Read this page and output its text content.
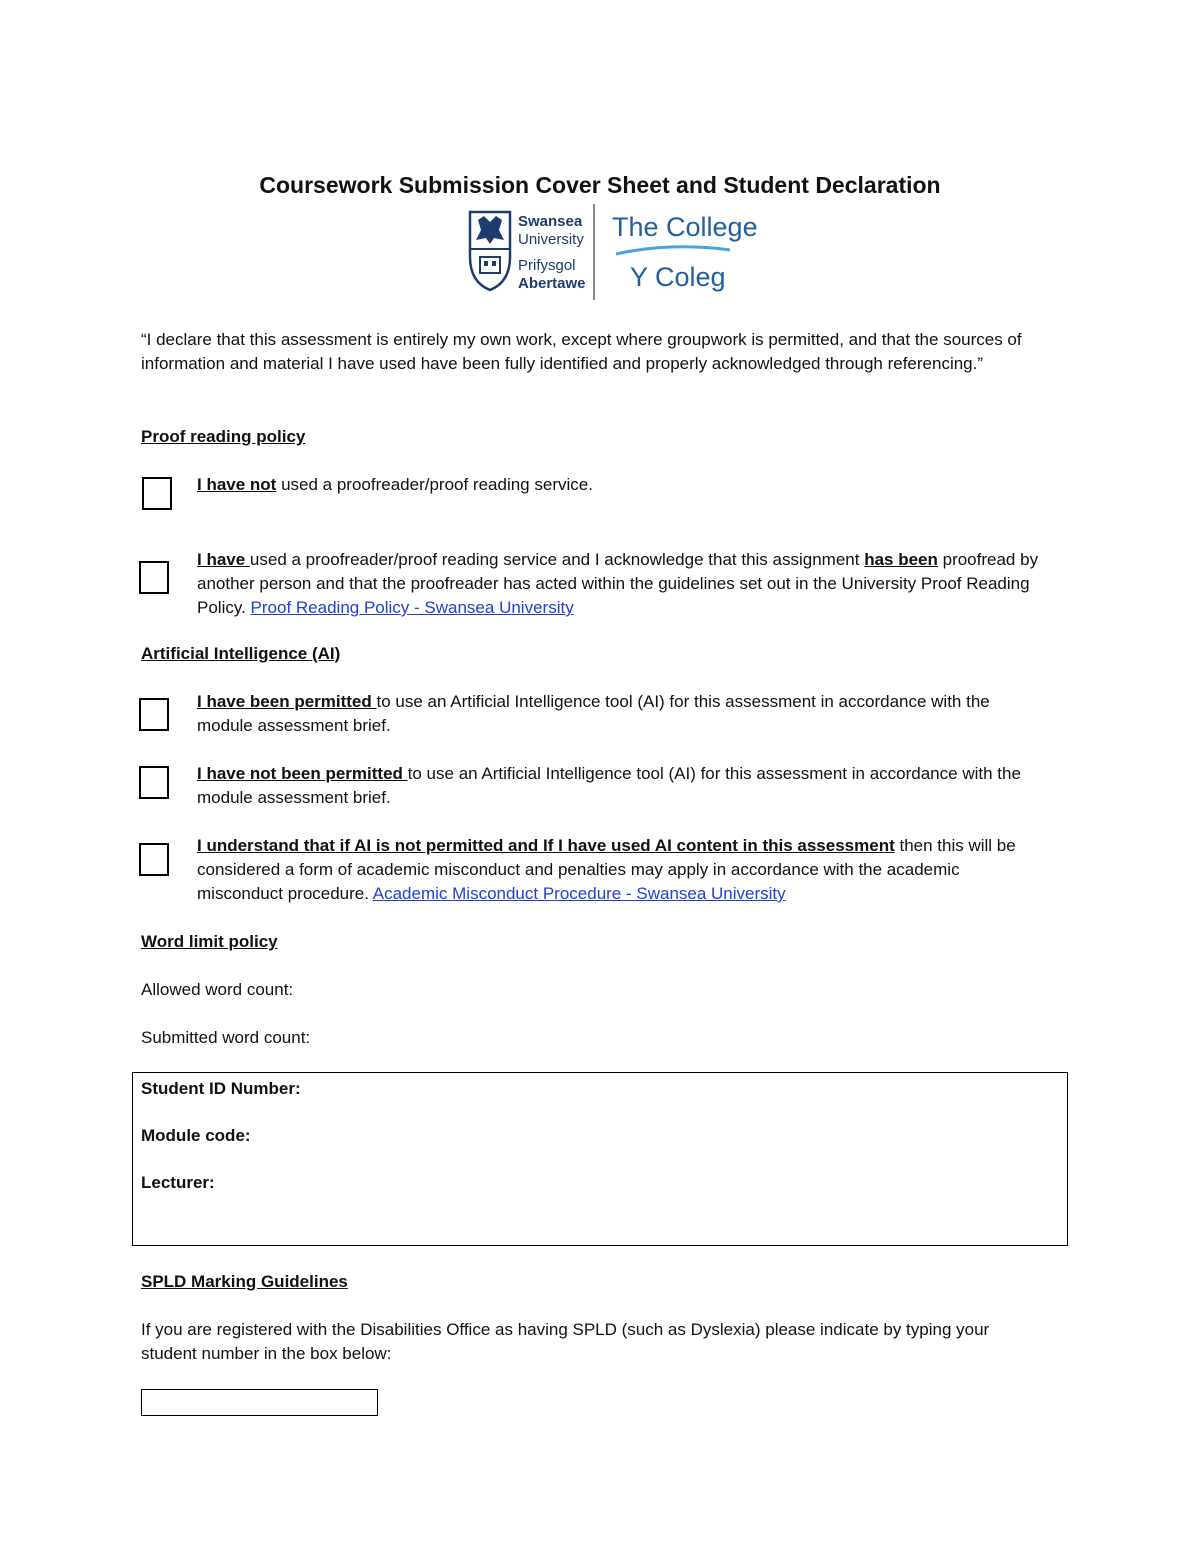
Coursework Submission Cover Sheet and Student Declaration
Swansea
University
Prifysgol
Abertawe
The College
Y Coleg
“I declare that this assessment is entirely my own work, except where groupwork is permitted, and that the sources of information and material I have used have been fully identified and properly acknowledged through referencing.”
Proof reading policy
I have not used a proofreader/proof reading service.
I have used a proofreader/proof reading service and I acknowledge that this assignment has been proofread by another person and that the proofreader has acted within the guidelines set out in the University Proof Reading Policy. Proof Reading Policy - Swansea University
Artificial Intelligence (AI)
I have been permitted to use an Artificial Intelligence tool (AI) for this assessment in accordance with the module assessment brief.
I have not been permitted to use an Artificial Intelligence tool (AI) for this assessment in accordance with the module assessment brief.
I understand that if AI is not permitted and If I have used AI content in this assessment then this will be considered a form of academic misconduct and penalties may apply in accordance with the academic misconduct procedure. Academic Misconduct Procedure - Swansea University
Word limit policy
Allowed word count:
Submitted word count:
Student ID Number:
Module code:
Lecturer:
SPLD Marking Guidelines
If you are registered with the Disabilities Office as having SPLD (such as Dyslexia) please indicate by typing your student number in the box below:
